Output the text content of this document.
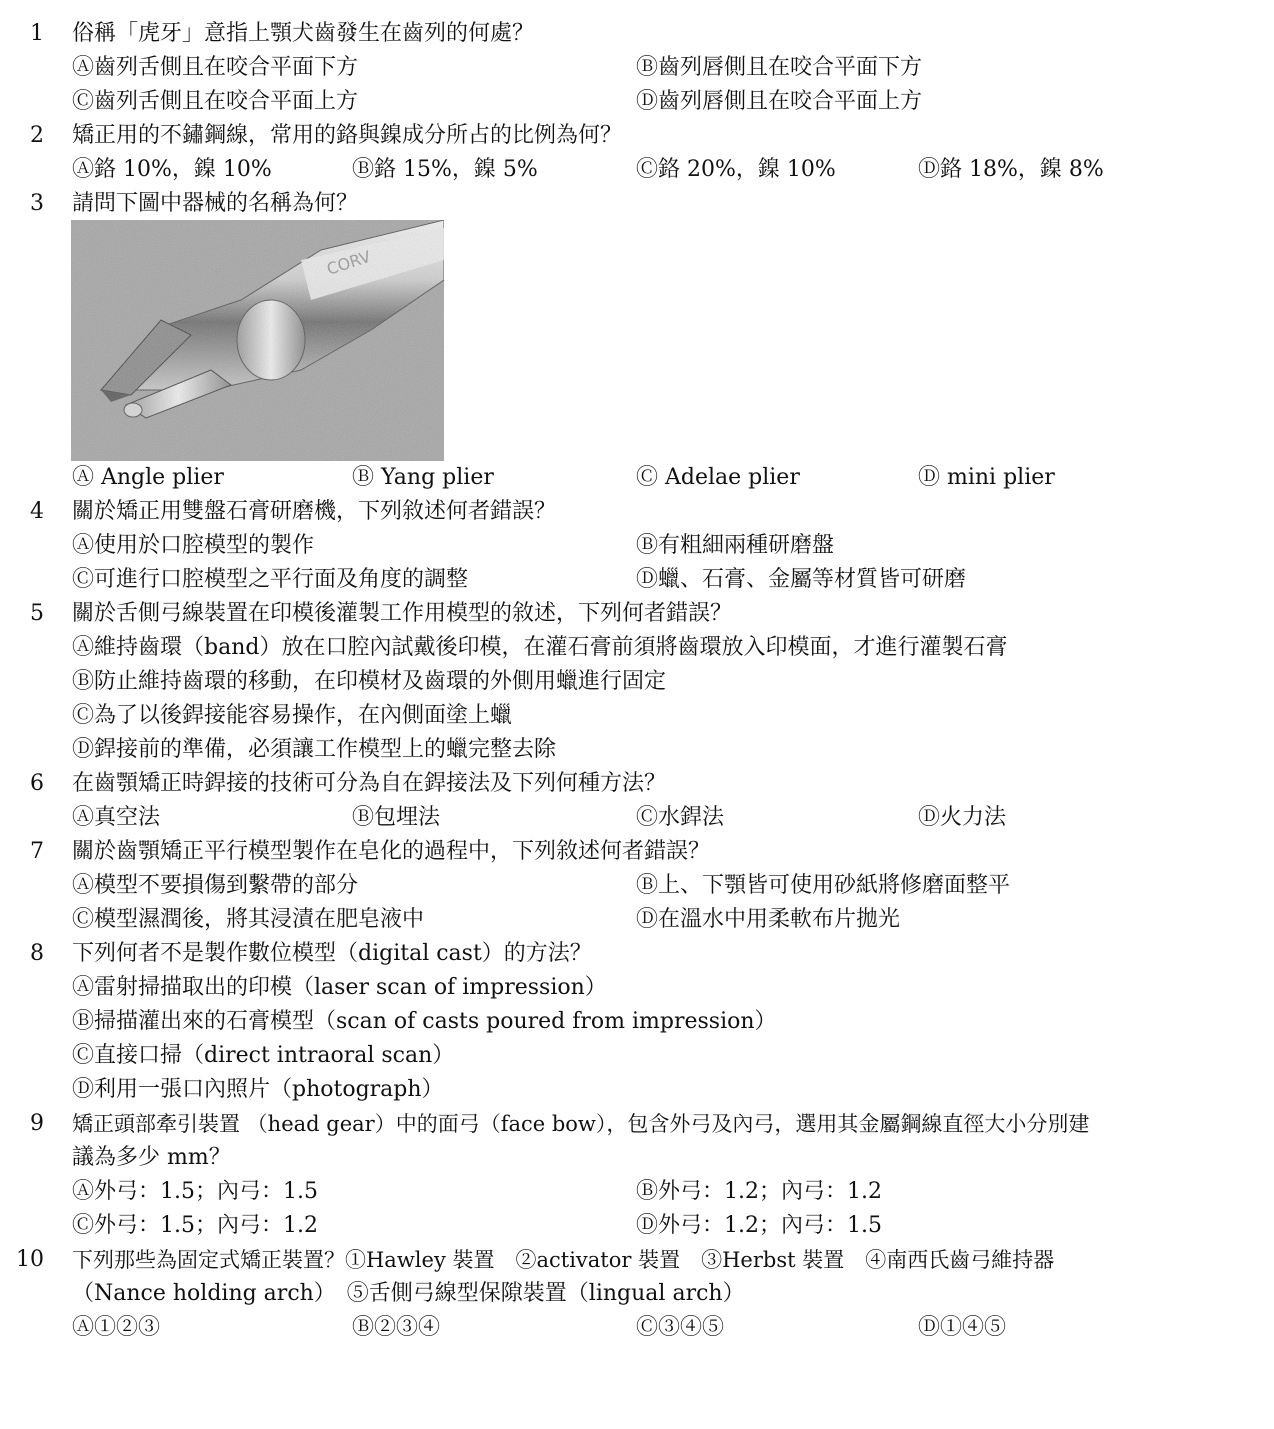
1 俗稱「虎牙」意指上顎犬齒發生在齒列的何處？
Ⓐ齒列舌側且在咬合平面下方	Ⓑ齒列唇側且在咬合平面下方
Ⓒ齒列舌側且在咬合平面上方	Ⓓ齒列唇側且在咬合平面上方
2 矯正用的不鏽鋼線，常用的鉻與鎳成分所占的比例為何？
Ⓐ鉻 10%，鎳 10%	Ⓑ鉻 15%，鎳 5%	Ⓒ鉻 20%，鎳 10%	Ⓓ鉻 18%，鎳 8%
3 請問下圖中器械的名稱為何？
Ⓐ Angle plier	Ⓑ Yang plier	Ⓒ Adelae plier	Ⓓ mini plier
4 關於矯正用雙盤石膏研磨機，下列敘述何者錯誤？
Ⓐ使用於口腔模型的製作	Ⓑ有粗細兩種研磨盤
Ⓒ可進行口腔模型之平行面及角度的調整	Ⓓ蠟、石膏、金屬等材質皆可研磨
5 關於舌側弓線裝置在印模後灌製工作用模型的敘述，下列何者錯誤？
Ⓐ維持齒環（band）放在口腔內試戴後印模，在灌石膏前須將齒環放入印模面，才進行灌製石膏
Ⓑ防止維持齒環的移動，在印模材及齒環的外側用蠟進行固定
Ⓒ為了以後銲接能容易操作，在內側面塗上蠟
Ⓓ銲接前的準備，必須讓工作模型上的蠟完整去除
6 在齒顎矯正時銲接的技術可分為自在銲接法及下列何種方法？
Ⓐ真空法	Ⓑ包埋法	Ⓒ水銲法	Ⓓ火力法
7 關於齒顎矯正平行模型製作在皂化的過程中，下列敘述何者錯誤？
Ⓐ模型不要損傷到繫帶的部分	Ⓑ上、下顎皆可使用砂紙將修磨面整平
Ⓒ模型濕潤後，將其浸漬在肥皂液中	Ⓓ在溫水中用柔軟布片拋光
8 下列何者不是製作數位模型（digital cast）的方法？
Ⓐ雷射掃描取出的印模（laser scan of impression）
Ⓑ掃描灌出來的石膏模型（scan of casts poured from impression）
Ⓒ直接口掃（direct intraoral scan）
Ⓓ利用一張口內照片（photograph）
9 矯正頭部牽引裝置 （head gear）中的面弓（face bow），包含外弓及內弓，選用其金屬鋼線直徑大小分別建
議為多少 mm？
Ⓐ外弓：1.5；內弓：1.5	Ⓑ外弓：1.2；內弓：1.2
Ⓒ外弓：1.5；內弓：1.2	Ⓓ外弓：1.2；內弓：1.5
10 下列那些為固定式矯正裝置？①Hawley 裝置　②activator 裝置　③Herbst 裝置　④南西氏齒弓維持器
（Nance holding arch）　⑤舌側弓線型保隙裝置（lingual arch）
Ⓐ①②③	Ⓑ②③④	Ⓒ③④⑤	Ⓓ①④⑤
